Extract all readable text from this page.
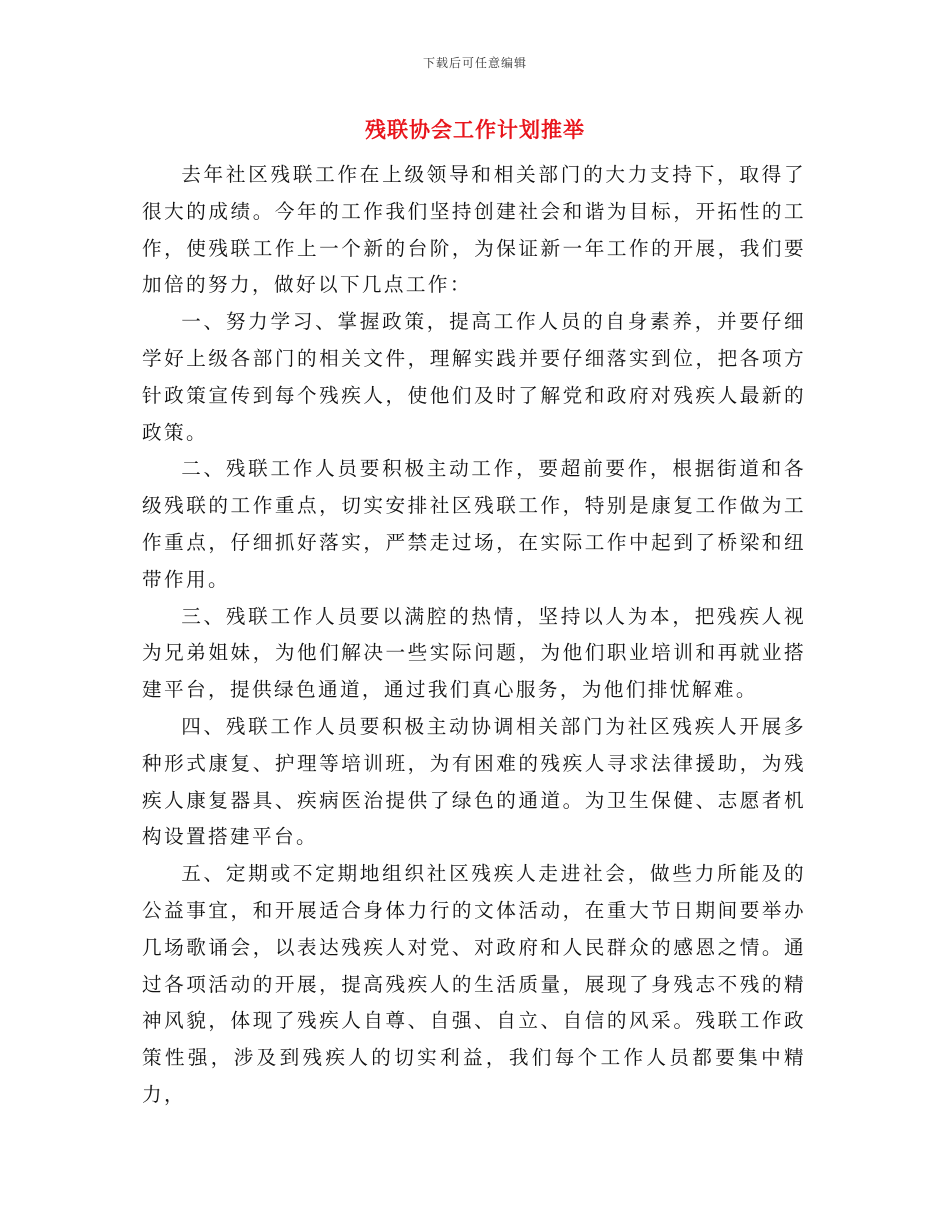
下载后可任意编辑
残联协会工作计划推举

去年社区残联工作在上级领导和相关部门的大力支持下，取得了很大的成绩。今年的工作我们坚持创建社会和谐为目标，开拓性的工作，使残联工作上一个新的台阶，为保证新一年工作的开展，我们要加倍的努力，做好以下几点工作：

一、努力学习、掌握政策，提高工作人员的自身素养，并要仔细学好上级各部门的相关文件，理解实践并要仔细落实到位，把各项方针政策宣传到每个残疾人，使他们及时了解党和政府对残疾人最新的政策。

二、残联工作人员要积极主动工作，要超前要作，根据街道和各级残联的工作重点，切实安排社区残联工作，特别是康复工作做为工作重点，仔细抓好落实，严禁走过场，在实际工作中起到了桥梁和纽带作用。

三、残联工作人员要以满腔的热情，坚持以人为本，把残疾人视为兄弟姐妹，为他们解决一些实际问题，为他们职业培训和再就业搭建平台，提供绿色通道，通过我们真心服务，为他们排忧解难。

四、残联工作人员要积极主动协调相关部门为社区残疾人开展多种形式康复、护理等培训班，为有困难的残疾人寻求法律援助，为残疾人康复器具、疾病医治提供了绿色的通道。为卫生保健、志愿者机构设置搭建平台。

五、定期或不定期地组织社区残疾人走进社会，做些力所能及的公益事宜，和开展适合身体力行的文体活动，在重大节日期间要举办几场歌诵会，以表达残疾人对党、对政府和人民群众的感恩之情。通过各项活动的开展，提高残疾人的生活质量，展现了身残志不残的精神风貌，体现了残疾人自尊、自强、自立、自信的风采。残联工作政策性强，涉及到残疾人的切实利益，我们每个工作人员都要集中精力，
